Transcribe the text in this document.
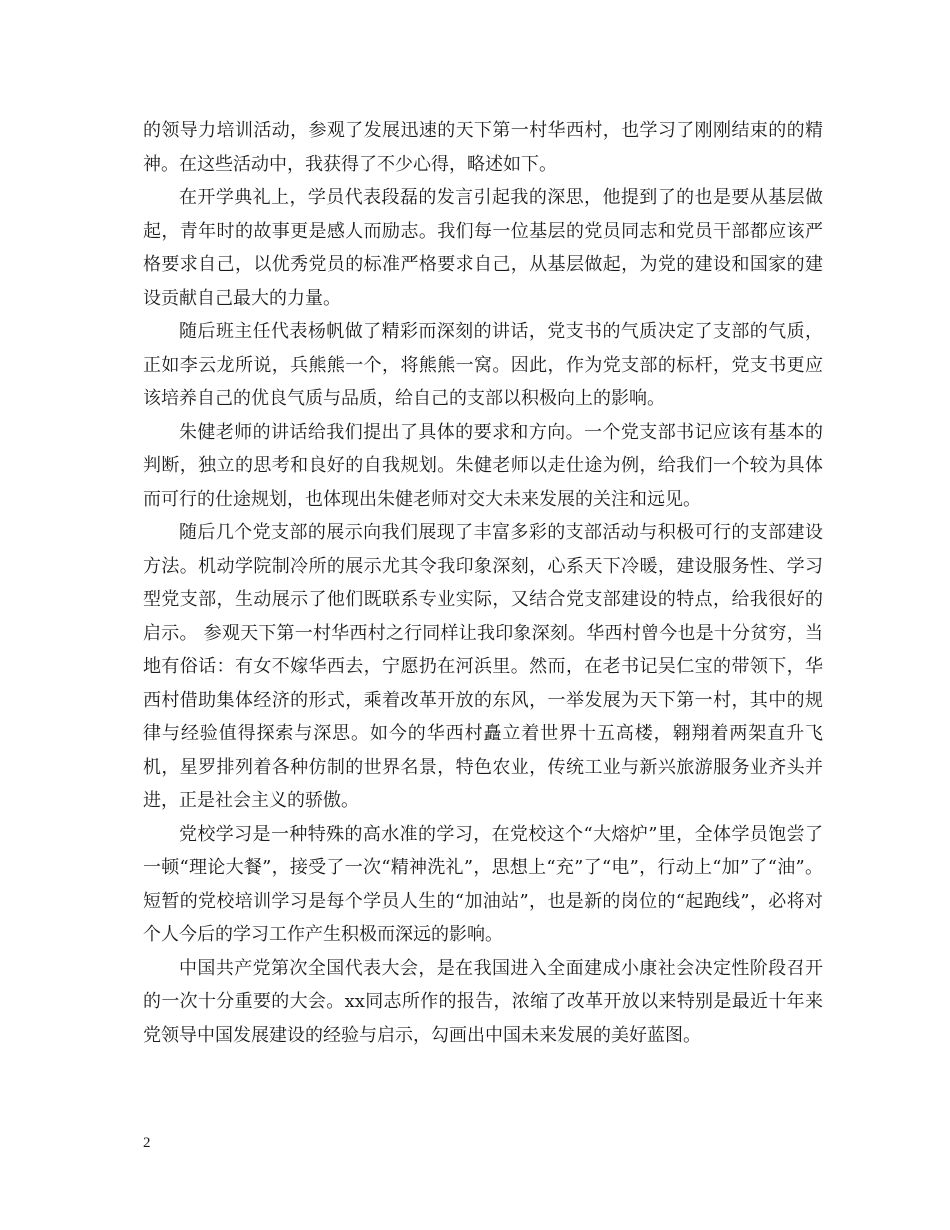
的领导力培训活动，参观了发展迅速的天下第一村华西村，也学习了刚刚结束的的精神。在这些活动中，我获得了不少心得，略述如下。

在开学典礼上，学员代表段磊的发言引起我的深思，他提到了的也是要从基层做起，青年时的故事更是感人而励志。我们每一位基层的党员同志和党员干部都应该严格要求自己，以优秀党员的标准严格要求自己，从基层做起，为党的建设和国家的建设贡献自己最大的力量。

随后班主任代表杨帆做了精彩而深刻的讲话，党支书的气质决定了支部的气质，正如李云龙所说，兵熊熊一个，将熊熊一窝。因此，作为党支部的标杆，党支书更应该培养自己的优良气质与品质，给自己的支部以积极向上的影响。

朱健老师的讲话给我们提出了具体的要求和方向。一个党支部书记应该有基本的判断，独立的思考和良好的自我规划。朱健老师以走仕途为例，给我们一个较为具体而可行的仕途规划，也体现出朱健老师对交大未来发展的关注和远见。

随后几个党支部的展示向我们展现了丰富多彩的支部活动与积极可行的支部建设方法。机动学院制冷所的展示尤其令我印象深刻，心系天下冷暖，建设服务性、学习型党支部，生动展示了他们既联系专业实际，又结合党支部建设的特点，给我很好的启示。 参观天下第一村华西村之行同样让我印象深刻。华西村曾今也是十分贫穷，当地有俗话：有女不嫁华西去，宁愿扔在河浜里。然而，在老书记吴仁宝的带领下，华西村借助集体经济的形式，乘着改革开放的东风，一举发展为天下第一村，其中的规律与经验值得探索与深思。如今的华西村矗立着世界十五高楼，翱翔着两架直升飞机，星罗排列着各种仿制的世界名景，特色农业，传统工业与新兴旅游服务业齐头并进，正是社会主义的骄傲。

党校学习是一种特殊的高水准的学习，在党校这个“大熔炉”里，全体学员饱尝了一顿“理论大餐”，接受了一次“精神洗礼”，思想上“充”了“电”，行动上“加”了“油”。短暂的党校培训学习是每个学员人生的“加油站”，也是新的岗位的“起跑线”，必将对个人今后的学习工作产生积极而深远的影响。

中国共产党第次全国代表大会，是在我国进入全面建成小康社会决定性阶段召开的一次十分重要的大会。xx同志所作的报告，浓缩了改革开放以来特别是最近十年来党领导中国发展建设的经验与启示，勾画出中国未来发展的美好蓝图。

2
